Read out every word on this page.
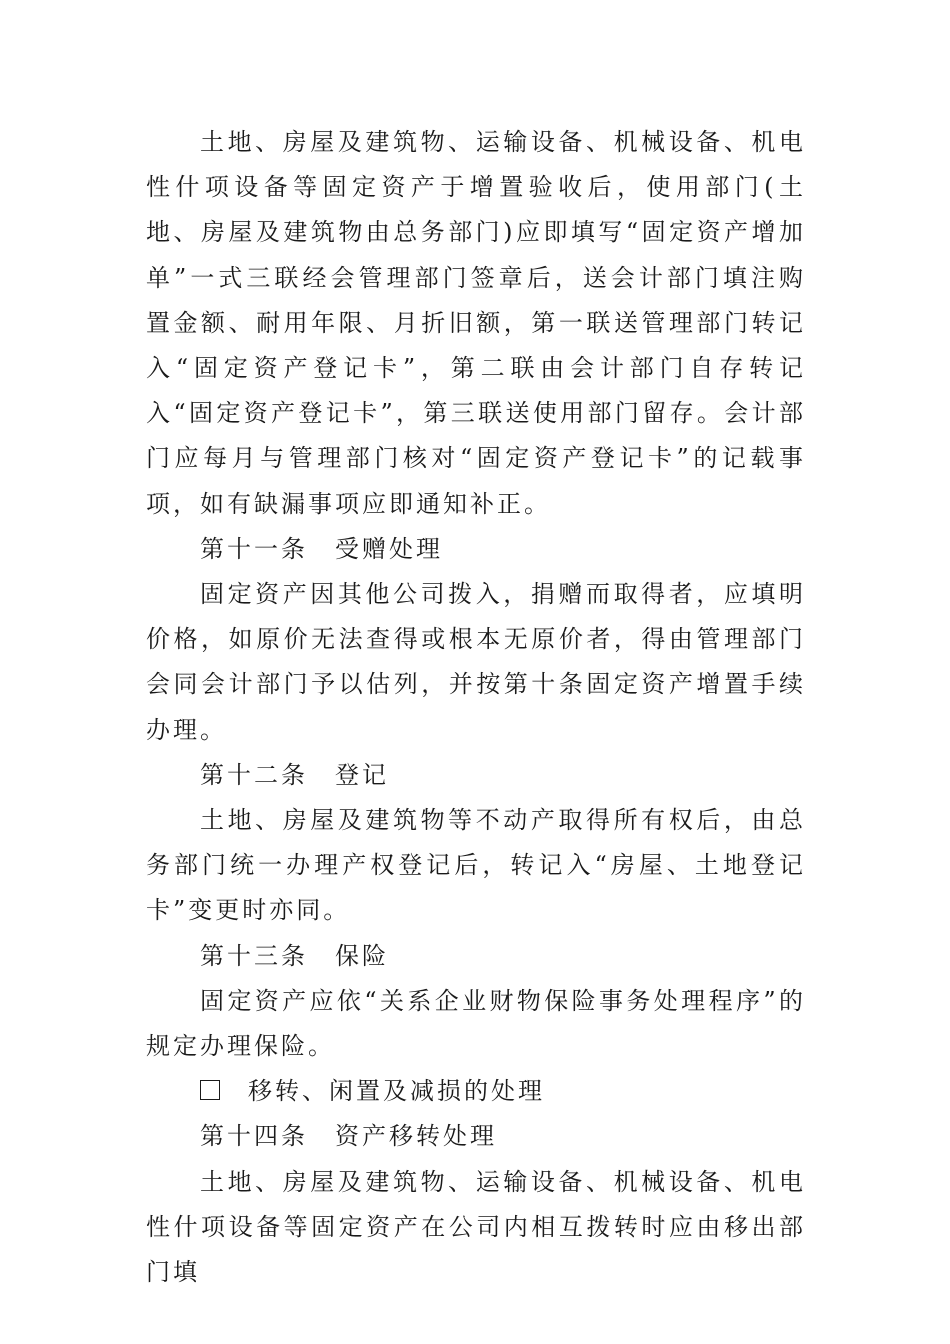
土地、房屋及建筑物、运输设备、机械设备、机电性什项设备等固定资产于增置验收后，使用部门(土地、房屋及建筑物由总务部门)应即填写“固定资产增加单”一式三联经会管理部门签章后，送会计部门填注购置金额、耐用年限、月折旧额，第一联送管理部门转记入“固定资产登记卡”，第二联由会计部门自存转记入“固定资产登记卡”，第三联送使用部门留存。会计部门应每月与管理部门核对“固定资产登记卡”的记载事项，如有缺漏事项应即通知补正。

第十一条　受赠处理

固定资产因其他公司拨入，捐赠而取得者，应填明价格，如原价无法查得或根本无原价者，得由管理部门会同会计部门予以估列，并按第十条固定资产增置手续办理。

第十二条　登记

土地、房屋及建筑物等不动产取得所有权后，由总务部门统一办理产权登记后，转记入“房屋、土地登记卡”变更时亦同。

第十三条　保险

固定资产应依“关系企业财物保险事务处理程序”的规定办理保险。

移转、闲置及减损的处理

第十四条　资产移转处理

土地、房屋及建筑物、运输设备、机械设备、机电性什项设备等固定资产在公司内相互拨转时应由移出部门填
